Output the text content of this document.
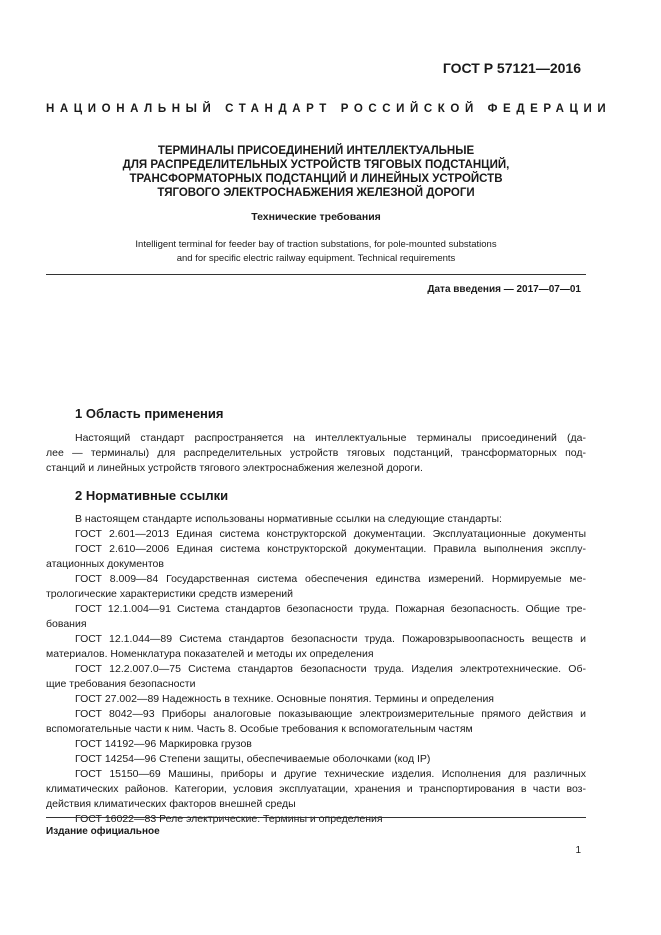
ГОСТ Р 57121—2016
НАЦИОНАЛЬНЫЙ СТАНДАРТ РОССИЙСКОЙ ФЕДЕРАЦИИ
ТЕРМИНАЛЫ ПРИСОЕДИНЕНИЙ ИНТЕЛЛЕКТУАЛЬНЫЕ
ДЛЯ РАСПРЕДЕЛИТЕЛЬНЫХ УСТРОЙСТВ ТЯГОВЫХ ПОДСТАНЦИЙ,
ТРАНСФОРМАТОРНЫХ ПОДСТАНЦИЙ И ЛИНЕЙНЫХ УСТРОЙСТВ
ТЯГОВОГО ЭЛЕКТРОСНАБЖЕНИЯ ЖЕЛЕЗНОЙ ДОРОГИ
Технические требования
Intelligent terminal for feeder bay of traction substations, for pole-mounted substations
and for specific electric railway equipment. Technical requirements
Дата введения — 2017—07—01
1 Область применения
Настоящий стандарт распространяется на интеллектуальные терминалы присоединений (да-
лее — терминалы) для распределительных устройств тяговых подстанций, трансформаторных под-
станций и линейных устройств тягового электроснабжения железной дороги.
2 Нормативные ссылки
В настоящем стандарте использованы нормативные ссылки на следующие стандарты:
ГОСТ 2.601—2013 Единая система конструкторской документации. Эксплуатационные документы
ГОСТ 2.610—2006 Единая система конструкторской документации. Правила выполнения эксплу-
атационных документов
ГОСТ 8.009—84 Государственная система обеспечения единства измерений. Нормируемые ме-
трологические характеристики средств измерений
ГОСТ 12.1.004—91 Система стандартов безопасности труда. Пожарная безопасность. Общие тре-
бования
ГОСТ 12.1.044—89 Система стандартов безопасности труда. Пожаровзрывоопасность веществ и
материалов. Номенклатура показателей и методы их определения
ГОСТ 12.2.007.0—75 Система стандартов безопасности труда. Изделия электротехнические. Об-
щие требования безопасности
ГОСТ 27.002—89 Надежность в технике. Основные понятия. Термины и определения
ГОСТ 8042—93 Приборы аналоговые показывающие электроизмерительные прямого действия и
вспомогательные части к ним. Часть 8. Особые требования к вспомогательным частям
ГОСТ 14192—96 Маркировка грузов
ГОСТ 14254—96 Степени защиты, обеспечиваемые оболочками (код IP)
ГОСТ 15150—69 Машины, приборы и другие технические изделия. Исполнения для различных
климатических районов. Категории, условия эксплуатации, хранения и транспортирования в части воз-
действия климатических факторов внешней среды
ГОСТ 16022—83 Реле электрические. Термины и определения
Издание официальное
1
